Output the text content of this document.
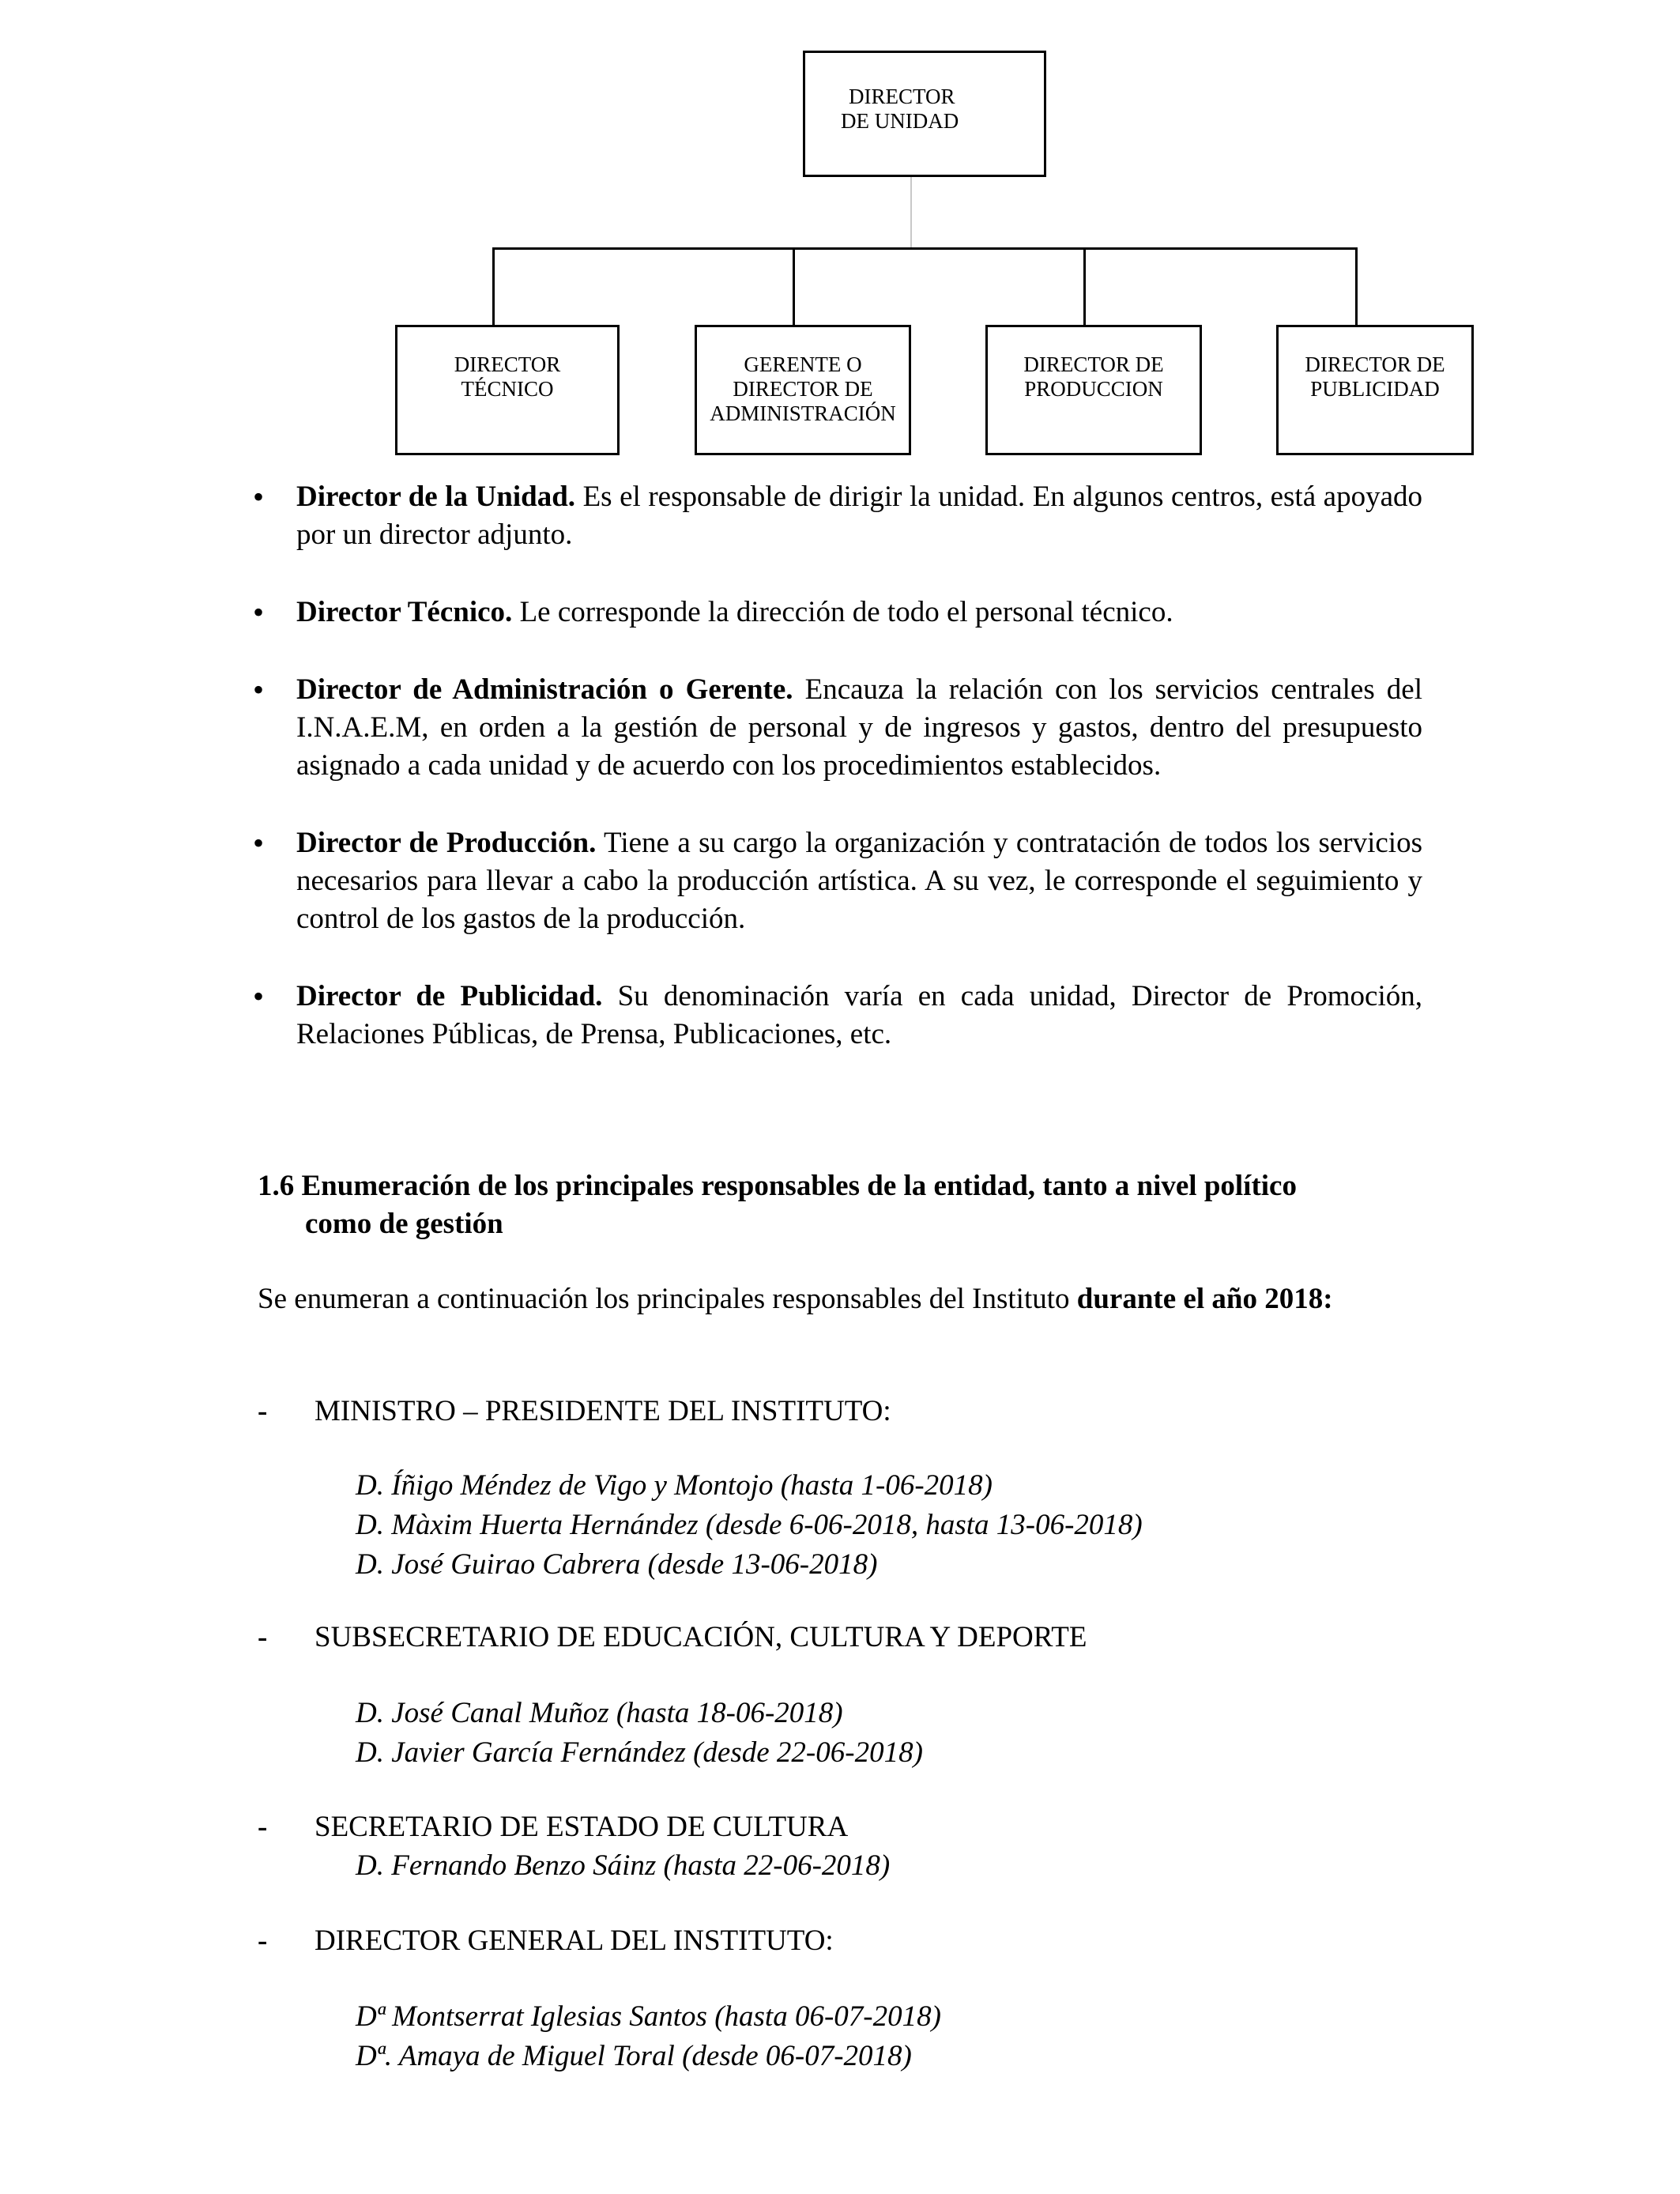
DIRECTOR
DE UNIDAD
DIRECTOR
TÉCNICO
GERENTE O
DIRECTOR DE
ADMINISTRACIÓN
DIRECTOR DE
PRODUCCION
DIRECTOR DE
PUBLICIDAD
• Director de la Unidad. Es el responsable de dirigir la unidad. En algunos centros, está apoyado por un director adjunto.
• Director Técnico. Le corresponde la dirección de todo el personal técnico.
• Director de Administración o Gerente. Encauza la relación con los servicios centrales del I.N.A.E.M, en orden a la gestión de personal y de ingresos y gastos, dentro del presupuesto asignado a cada unidad y de acuerdo con los procedimientos establecidos.
• Director de Producción. Tiene a su cargo la organización y contratación de todos los servicios necesarios para llevar a cabo la producción artística. A su vez, le corresponde el seguimiento y control de los gastos de la producción.
• Director de Publicidad. Su denominación varía en cada unidad, Director de Promoción, Relaciones Públicas, de Prensa, Publicaciones, etc.
1.6 Enumeración de los principales responsables de la entidad, tanto a nivel político
como de gestión
Se enumeran a continuación los principales responsables del Instituto durante el año 2018:
- MINISTRO – PRESIDENTE DEL INSTITUTO:
D. Íñigo Méndez de Vigo y Montojo (hasta 1-06-2018)
D. Màxim Huerta Hernández (desde 6-06-2018, hasta 13-06-2018)
D. José Guirao Cabrera (desde 13-06-2018)
- SUBSECRETARIO DE EDUCACIÓN, CULTURA Y DEPORTE
D. José Canal Muñoz (hasta 18-06-2018)
D. Javier García Fernández (desde 22-06-2018)
- SECRETARIO DE ESTADO DE CULTURA
D. Fernando Benzo Sáinz (hasta 22-06-2018)
- DIRECTOR GENERAL DEL INSTITUTO:
Dª Montserrat Iglesias Santos (hasta 06-07-2018)
Dª. Amaya de Miguel Toral (desde 06-07-2018)
